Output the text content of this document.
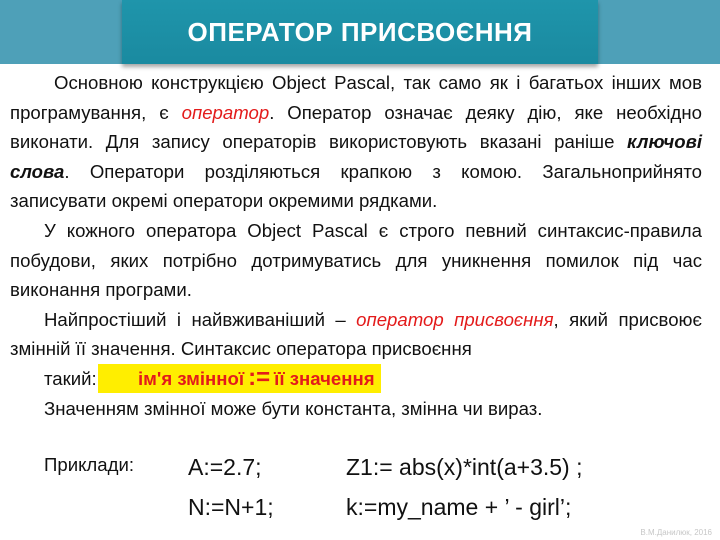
ОПЕРАТОР ПРИСВОЄННЯ

Основною конструкцією Object Pascal, так само як і багатьох інших мов програмування, є оператор. Оператор означає деяку дію, яке необхідно виконати. Для запису операторів використовують вказані раніше ключові слова. Оператори розділяються крапкою з комою. Загальноприйнято записувати окремі оператори окремими рядками.

У кожного оператора Object Pascal є строго певний синтаксис-правила побудови, яких потрібно дотримуватись для уникнення помилок під час виконання програми.

Найпростіший і найвживаніший – оператор присвоєння, який присвоює змінній її значення. Синтаксис оператора присвоєння
такий: ім'я змінної := її значення

Значенням змінної може бути константа, змінна чи вираз.

Приклади: A:=2.7;
N:=N+1;
Z1:= abs(x)*int(a+3.5) ;
k:=my_name + ’ - girl’;
В.М.Данилюк, 2016
